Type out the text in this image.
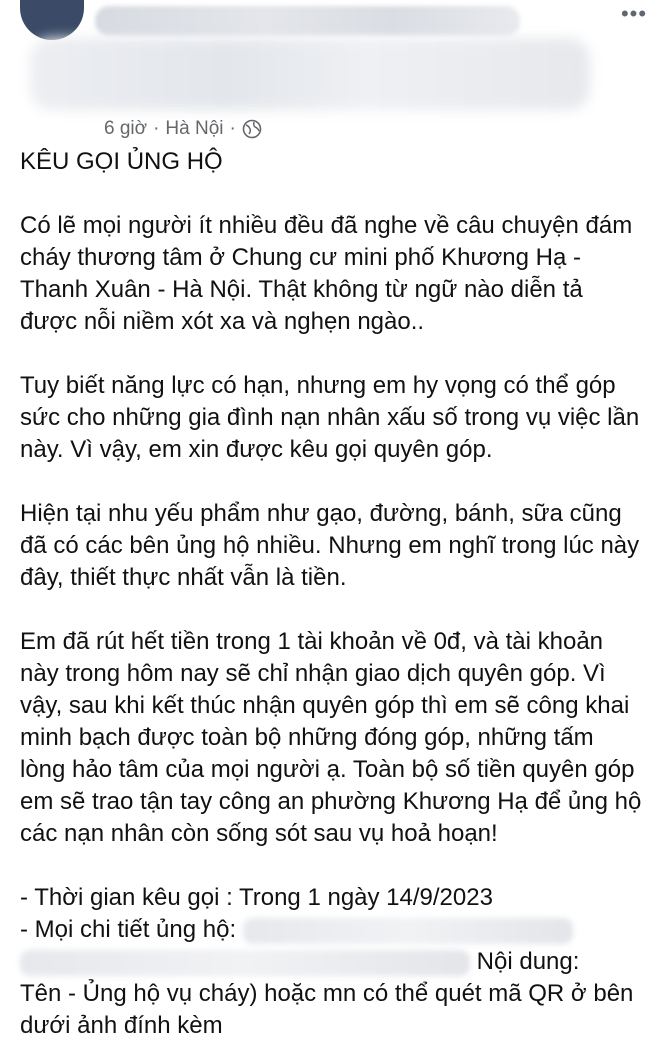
•••
6 giờ · Hà Nội ·

KÊU GỌI ỦNG HỘ

Có lẽ mọi người ít nhiều đều đã nghe về câu chuyện đám cháy thương tâm ở Chung cư mini phố Khương Hạ - Thanh Xuân - Hà Nội. Thật không từ ngữ nào diễn tả được nỗi niềm xót xa và nghẹn ngào..

Tuy biết năng lực có hạn, nhưng em hy vọng có thể góp sức cho những gia đình nạn nhân xấu số trong vụ việc lần này. Vì vậy, em xin được kêu gọi quyên góp.

Hiện tại nhu yếu phẩm như gạo, đường, bánh, sữa cũng đã có các bên ủng hộ nhiều. Nhưng em nghĩ trong lúc này đây, thiết thực nhất vẫn là tiền.

Em đã rút hết tiền trong 1 tài khoản về 0đ, và tài khoản này trong hôm nay sẽ chỉ nhận giao dịch quyên góp. Vì vậy, sau khi kết thúc nhận quyên góp thì em sẽ công khai minh bạch được toàn bộ những đóng góp, những tấm lòng hảo tâm của mọi người ạ. Toàn bộ số tiền quyên góp em sẽ trao tận tay công an phường Khương Hạ để ủng hộ các nạn nhân còn sống sót sau vụ hoả hoạn!

- Thời gian kêu gọi : Trong 1 ngày 14/9/2023

- Mọi chi tiết ủng hộ:

Nội dung:

Tên - Ủng hộ vụ cháy) hoặc mn có thể quét mã QR ở bên dưới ảnh đính kèm
